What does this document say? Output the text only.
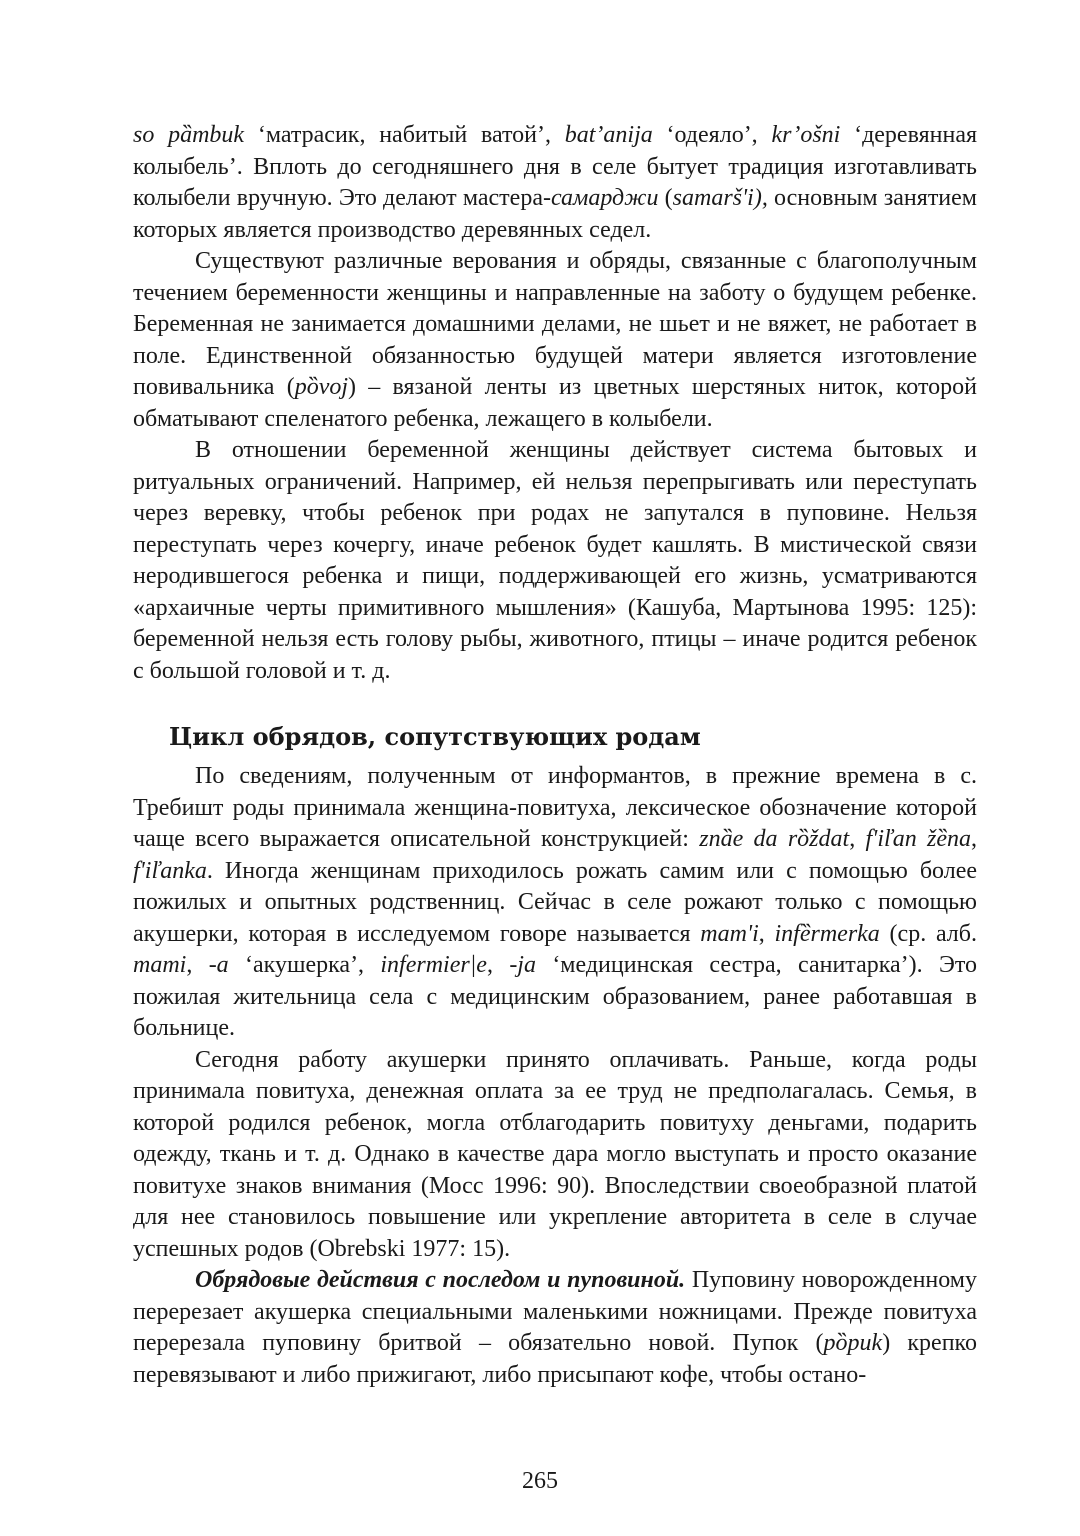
so pȁmbuk ‘матрасик, набитый ватой’, bat’anija ‘одеяло’, kr’ošni ‘деревянная колыбель’. Вплоть до сегодняшнего дня в селе бытует традиция изготавливать колыбели вручную. Это делают мастера-самарджи (samarš'i), основным занятием которых является производство деревянных седел.

Существуют различные верования и обряды, связанные с благополучным течением беременности женщины и направленные на заботу о будущем ребенке. Беременная не занимается домашними делами, не шьет и не вяжет, не работает в поле. Единственной обязанностью будущей матери является изготовление повивальника (pȍvoj) – вязаной ленты из цветных шерстяных ниток, которой обматывают спеленатого ребенка, лежащего в колыбели.

В отношении беременной женщины действует система бытовых и ритуальных ограничений. Например, ей нельзя перепрыгивать или переступать через веревку, чтобы ребенок при родах не запутался в пуповине. Нельзя переступать через кочергу, иначе ребенок будет кашлять. В мистической связи неродившегося ребенка и пищи, поддерживающей его жизнь, усматриваются «архаичные черты примитивного мышления» (Кашуба, Мартынова 1995: 125): беременной нельзя есть голову рыбы, животного, птицы – иначе родится ребенок с большой головой и т. д.

Цикл обрядов, сопутствующих родам

По сведениям, полученным от информантов, в прежние времена в с. Требишт роды принимала женщина-повитуха, лексическое обозначение которой чаще всего выражается описательной конструкцией: znȁe da rȍždat, f'iľan žȅna, f'iľanka. Иногда женщинам приходилось рожать самим или с помощью более пожилых и опытных родственниц. Сейчас в селе рожают только с помощью акушерки, которая в исследуемом говоре называется mam'i, infȅrmerka (ср. алб. mami, -a ‘акушерка’, infermier|e, -ja ‘медицинская сестра, санитарка’). Это пожилая жительница села с медицинским образованием, ранее работавшая в больнице.

Сегодня работу акушерки принято оплачивать. Раньше, когда роды принимала повитуха, денежная оплата за ее труд не предполагалась. Семья, в которой родился ребенок, могла отблагодарить повитуху деньгами, подарить одежду, ткань и т. д. Однако в качестве дара могло выступать и просто оказание повитухе знаков внимания (Мосс 1996: 90). Впоследствии своеобразной платой для нее становилось повышение или укрепление авторитета в селе в случае успешных родов (Obrebski 1977: 15).

Обрядовые действия с последом и пуповиной. Пуповину новорожденному перерезает акушерка специальными маленькими ножницами. Прежде повитуха перерезала пуповину бритвой – обязательно новой. Пупок (pȍpuk) крепко перевязывают и либо прижигают, либо присыпают кофе, чтобы остано-

265
